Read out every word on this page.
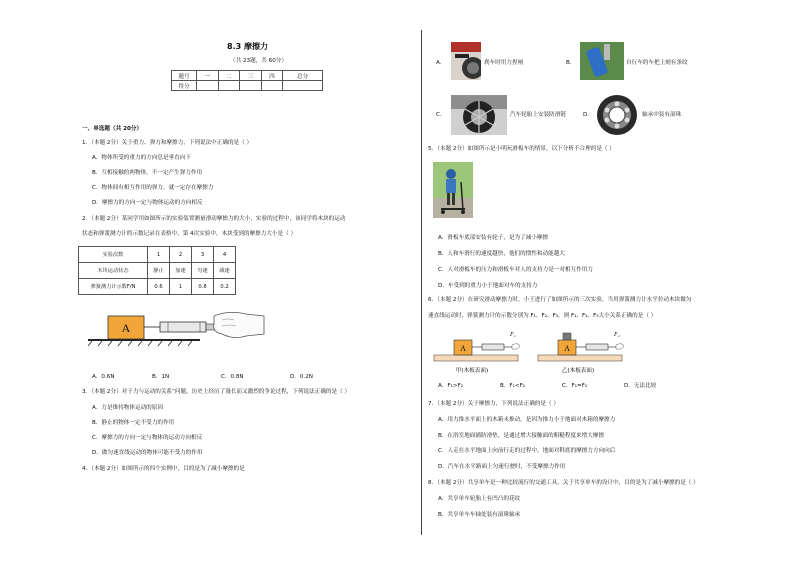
8.3 摩擦力
（共 23题，共 60分）
题号	一	二	三	四	总分
得分					
一、单选题（共 20分）
1．（本题 2分）关于重力、弹力和摩擦力，下列说法中正确的是（ ）
A．物体所受的重力的方向总是垂直向下
B．互相接触的两物体，不一定产生弹力作用
C．物体间有相互作用的弹力，就一定存在摩擦力
D．摩擦力的方向一定与物体运动的方向相反
2．（本题 2分）某同学用如图所示的实验装置测量滑动摩擦力的大小，实验的过程中，该同学将木块的运动
状态和弹簧测力计的示数记录在表格中，第 4次实验中，木块受到的摩擦力大小是（ ）
实验次数	1	2	3	4
木块运动状态	静止	加速	匀速	减速
弹簧测力计示数F/N	0.6	1	0.8	0.2
A
A．0.6N	B．1N	C．0.8N	D．0.2N
3．（本题 2分）对于力与运动的关系”问题，历史上经历了漫长而又激烈的争论过程，下列说法正确的是（ ）
A．力是维持物体运动的原因
B．静止的物体一定不受力的作用
C．摩擦力的方向一定与物体的运动方向相反
D．做匀速直线运动的物体可能不受力的作用
4．（本题 2分）如图所示的四个实例中，目的是为了减小摩擦的是
A．	刹车时用力捏闸	B．	自行车的车把上刻有条纹
C．	汽车轮胎上安装防滑链	D．	轴承中装有滚珠
5．（本题 2分）如图所示是小明玩滑板车的情景，以下分析不合理的是（ ）
A．滑板车底部安装有轮子，是为了减小摩擦
B．人和车滑行的速度越快，他们的惯性和动能越大
C．人对滑板车的压力和滑板车对人的支持力是一对相互作用力
D．车受到的重力小于地面对车的支持力
6．（本题 2分）在研究滑动摩擦力时，小王进行了如图所示的三次实验，当用弹簧测力计水平拉动木块做匀
速直线运动时，弹簧测力计的示数分别为 F₁、F₂、F₃，则 F₁、F₂、F₃大小关系正确的是（ ）
A
F₁
甲(木板表面)
A
F₂
乙(木板表面)
A．F₁>F₂	B．F₁<F₂	C．F₁=F₂	D．无法比较
7．（本题 2分）关于摩擦力，下列说法正确的是（ ）
A．用力推水平面上的木箱未推动，是因为推力小于地面对木箱的摩擦力
B．在浴室地面铺防滑垫，是通过增大接触面的粗糙程度来增大摩擦
C．人走在水平地面上向前行走的过程中，地面对鞋底的摩擦力方向向后
D．汽车在水平路面上匀速行驶时，不受摩擦力作用
8．（本题 2分）共享单车是一种比较流行的交通工具，关于共享单车的设计中，目的是为了减小摩擦的是（ ）
A．共享单车轮胎上有凹凸的花纹
B．共享单车车轴处装有滚珠轴承
